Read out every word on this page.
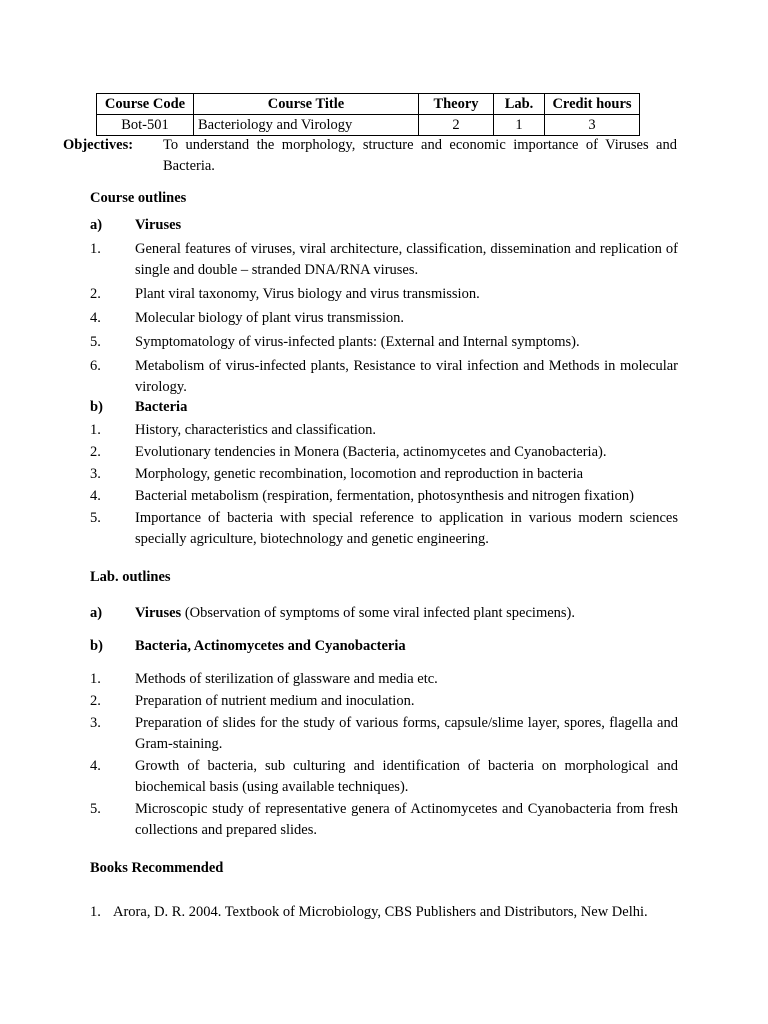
Course Code	Course Title	Theory	Lab.	Credit hours
Bot-501	Bacteriology and Virology	2	1	3
Objectives: To understand the morphology, structure and economic importance of Viruses and Bacteria.
Course outlines
a)	Viruses
1.	General features of viruses, viral architecture, classification, dissemination and replication of single and double – stranded DNA/RNA viruses.
2.	Plant viral taxonomy, Virus biology and virus transmission.
4.	Molecular biology of plant virus transmission.
5.	Symptomatology of virus-infected plants: (External and Internal symptoms).
6.	Metabolism of virus-infected plants, Resistance to viral infection and Methods in molecular virology.
b)	Bacteria
1.	History, characteristics and classification.
2.	Evolutionary tendencies in Monera (Bacteria, actinomycetes and Cyanobacteria).
3.	Morphology, genetic recombination, locomotion and reproduction in bacteria
4.	Bacterial metabolism (respiration, fermentation, photosynthesis and nitrogen fixation)
5.	Importance of bacteria with special reference to application in various modern sciences specially agriculture, biotechnology and genetic engineering.
Lab. outlines
a)	Viruses (Observation of symptoms of some viral infected plant specimens).
b)	Bacteria, Actinomycetes and Cyanobacteria
1.	Methods of sterilization of glassware and media etc.
2.	Preparation of nutrient medium and inoculation.
3.	Preparation of slides for the study of various forms, capsule/slime layer, spores, flagella and Gram-staining.
4.	Growth of bacteria, sub culturing and identification of bacteria on morphological and biochemical basis (using available techniques).
5.	Microscopic study of representative genera of Actinomycetes and Cyanobacteria from fresh collections and prepared slides.
Books Recommended
1. Arora, D. R. 2004. Textbook of Microbiology, CBS Publishers and Distributors, New Delhi.
